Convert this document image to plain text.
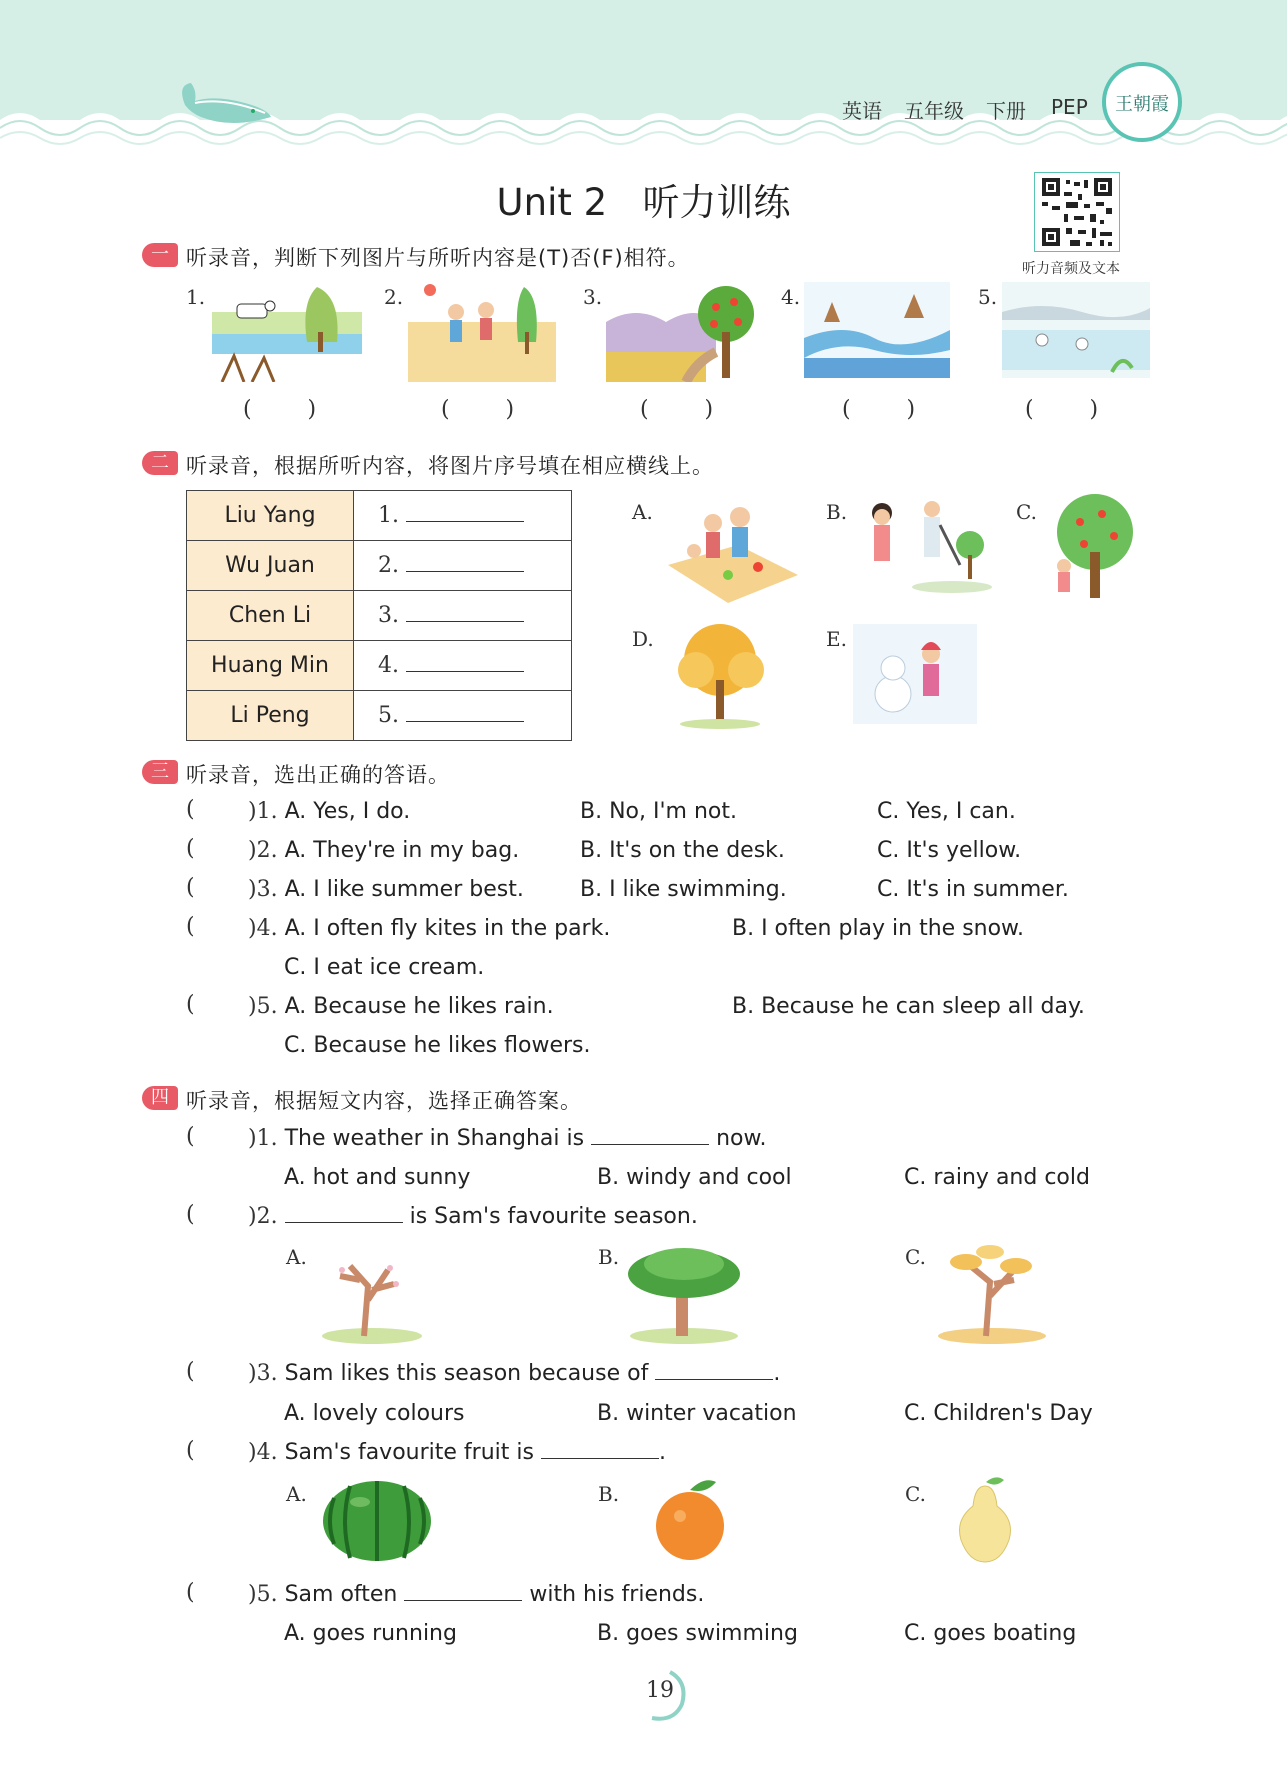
英语 五年级 下册 PEP	王朝霞
Unit 2   听力训练
听力音频及文本
一 听录音，判断下列图片与所听内容是(T)否(F)相符。
1.	2.	3.	4.	5.
(        )	(        )	(        )	(        )	(        )
二 听录音，根据所听内容，将图片序号填在相应横线上。
Liu Yang	1.
Wu Juan	2.
Chen Li	3.
Huang Min	4.
Li Peng	5.
A.	B.	C.
D.	E.
三 听录音，选出正确的答语。
( )1. A. Yes, I do.	B. No, I'm not.	C. Yes, I can.
( )2. A. They're in my bag.	B. It's on the desk.	C. It's yellow.
( )3. A. I like summer best.	B. I like swimming.	C. It's in summer.
( )4. A. I often fly kites in the park.	B. I often play in the snow.
C. I eat ice cream.
( )5. A. Because he likes rain.	B. Because he can sleep all day.
C. Because he likes flowers.
四 听录音，根据短文内容，选择正确答案。
( )1. The weather in Shanghai is	now.
A. hot and sunny	B. windy and cool	C. rainy and cold
( )2.	is Sam's favourite season.
A.	B.	C.
( )3. Sam likes this season because of	.
A. lovely colours	B. winter vacation	C. Children's Day
( )4. Sam's favourite fruit is	.
A.	B.	C.
( )5. Sam often	with his friends.
A. goes running	B. goes swimming	C. goes boating
19
